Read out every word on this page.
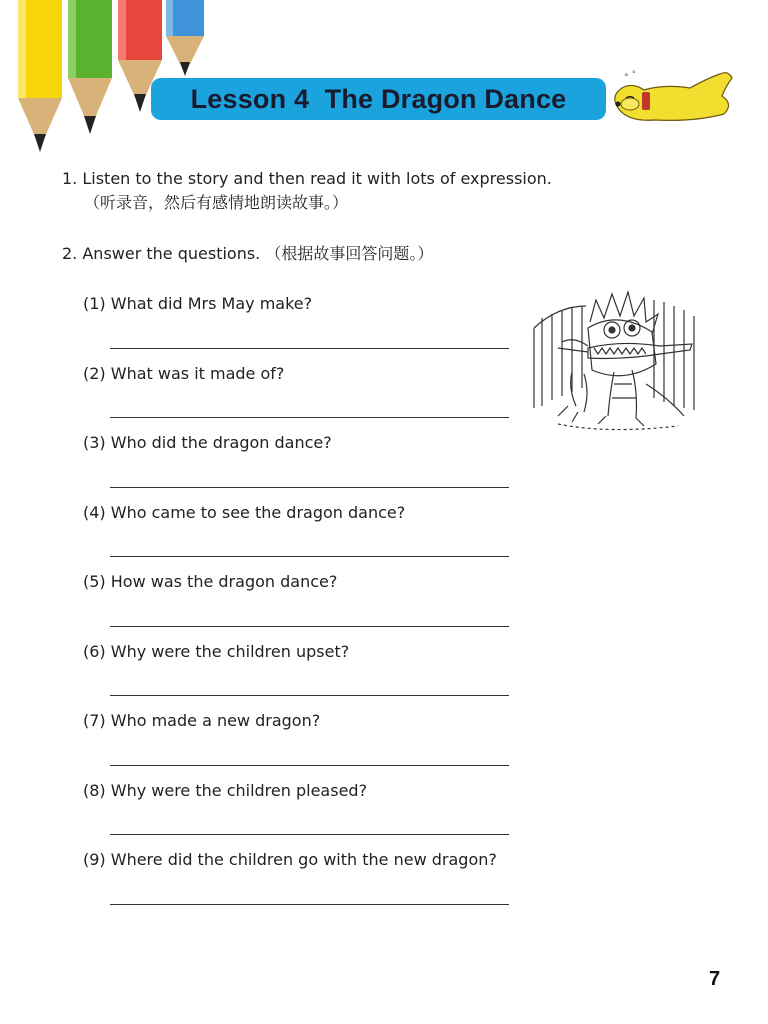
Lesson 4  The Dragon Dance
° °
1. Listen to the story and then read it with lots of expression.
（听录音，然后有感情地朗读故事。）
2. Answer the questions. （根据故事回答问题。）
(1) What did Mrs May make?
(2) What was it made of?
(3) Who did the dragon dance?
(4) Who came to see the dragon dance?
(5) How was the dragon dance?
(6) Why were the children upset?
(7) Who made a new dragon?
(8) Why were the children pleased?
(9) Where did the children go with the new dragon?
7
